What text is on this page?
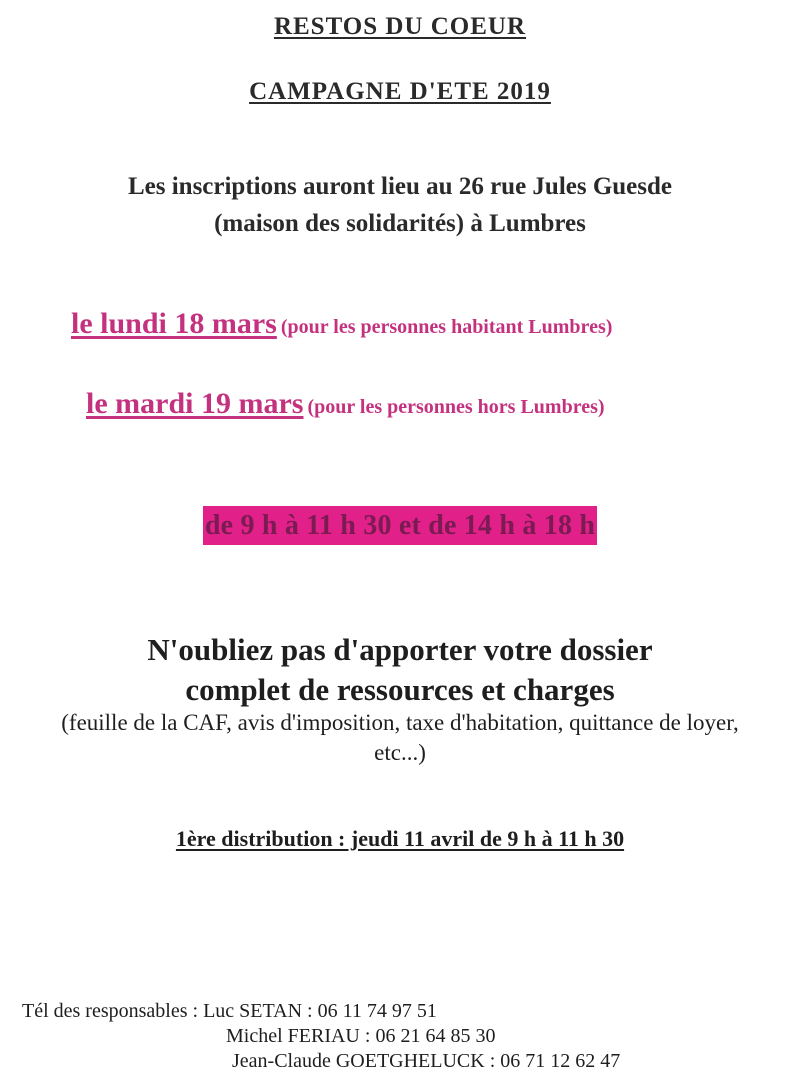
RESTOS DU COEUR
CAMPAGNE D'ETE 2019
Les inscriptions auront lieu au 26 rue Jules Guesde
(maison des solidarités) à Lumbres
le lundi 18 mars (pour les personnes habitant Lumbres)
le mardi 19 mars (pour les personnes hors Lumbres)
de 9 h à 11 h 30 et de 14 h à 18 h
N'oubliez pas d'apporter votre dossier
complet de ressources et charges
(feuille de la CAF, avis d'imposition, taxe d'habitation, quittance de loyer,
etc...)
1ère distribution : jeudi 11 avril de 9 h à 11 h 30
Tél des responsables : Luc SETAN : 06 11 74 97 51
Michel FERIAU : 06 21 64 85 30
Jean-Claude GOETGHELUCK : 06 71 12 62 47
